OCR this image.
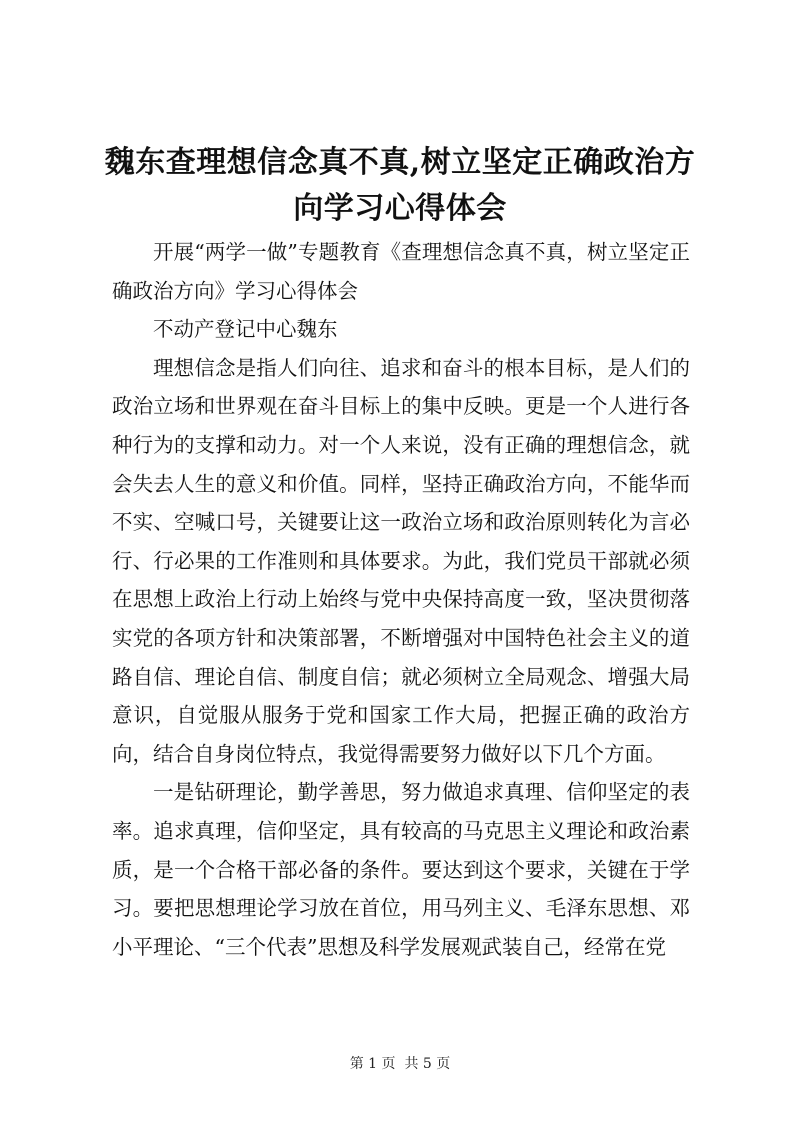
魏东查理想信念真不真,树立坚定正确政治方向学习心得体会

开展“两学一做”专题教育《查理想信念真不真，树立坚定正确政治方向》学习心得体会

不动产登记中心魏东

理想信念是指人们向往、追求和奋斗的根本目标，是人们的政治立场和世界观在奋斗目标上的集中反映。更是一个人进行各种行为的支撑和动力。对一个人来说，没有正确的理想信念，就会失去人生的意义和价值。同样，坚持正确政治方向，不能华而不实、空喊口号，关键要让这一政治立场和政治原则转化为言必行、行必果的工作准则和具体要求。为此，我们党员干部就必须在思想上政治上行动上始终与党中央保持高度一致，坚决贯彻落实党的各项方针和决策部署，不断增强对中国特色社会主义的道路自信、理论自信、制度自信；就必须树立全局观念、增强大局意识，自觉服从服务于党和国家工作大局，把握正确的政治方向，结合自身岗位特点，我觉得需要努力做好以下几个方面。

一是钻研理论，勤学善思，努力做追求真理、信仰坚定的表率。追求真理，信仰坚定，具有较高的马克思主义理论和政治素质，是一个合格干部必备的条件。要达到这个要求，关键在于学习。要把思想理论学习放在首位，用马列主义、毛泽东思想、邓小平理论、“三个代表”思想及科学发展观武装自己，经常在党

第 1 页  共 5 页
